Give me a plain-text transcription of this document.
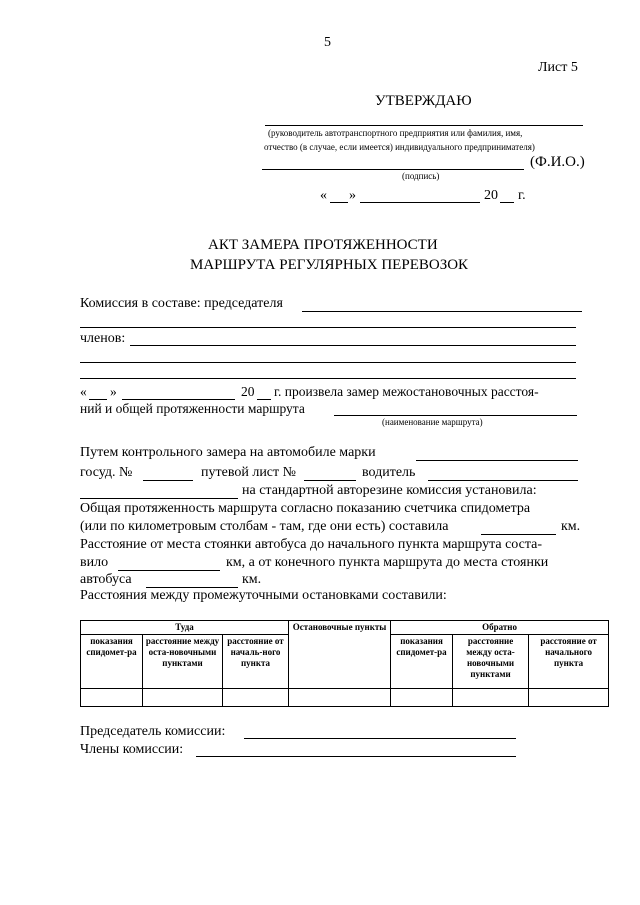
5
Лист 5
УТВЕРЖДАЮ
(руководитель автотранспортного предприятия или фамилия, имя,
отчество (в случае, если имеется) индивидуального предпринимателя)
(Ф.И.О.)
(подпись)
« »	20 г.
АКТ ЗАМЕРА ПРОТЯЖЕННОСТИ
МАРШРУТА РЕГУЛЯРНЫХ ПЕРЕВОЗОК
Комиссия в составе: председателя
членов:
« »	20 г. произвела замер межостановочных расстоя-
ний и общей протяженности маршрута
(наименование маршрута)
Путем контрольного замера на автомобиле марки
госуд. №	путевой лист №	водитель
на стандартной авторезине комиссия установила:
Общая протяженность маршрута согласно показанию счетчика спидометра
(или по километровым столбам - там, где они есть) составила	км.
Расстояние от места стоянки автобуса до начального пункта маршрута соста-
вило	км, а от конечного пункта маршрута до места стоянки
автобуса	км.
Расстояния между промежуточными остановками составили:
Туда			Остановочные пункты	Обратно		
показания спидомет-ра	расстояние между оста-новочными пунктами	расстояние от началь-ного пункта		показания спидомет-ра	расстояние между оста-новочными пунктами	расстояние от начального пункта

Председатель комиссии:
Члены комиссии:
